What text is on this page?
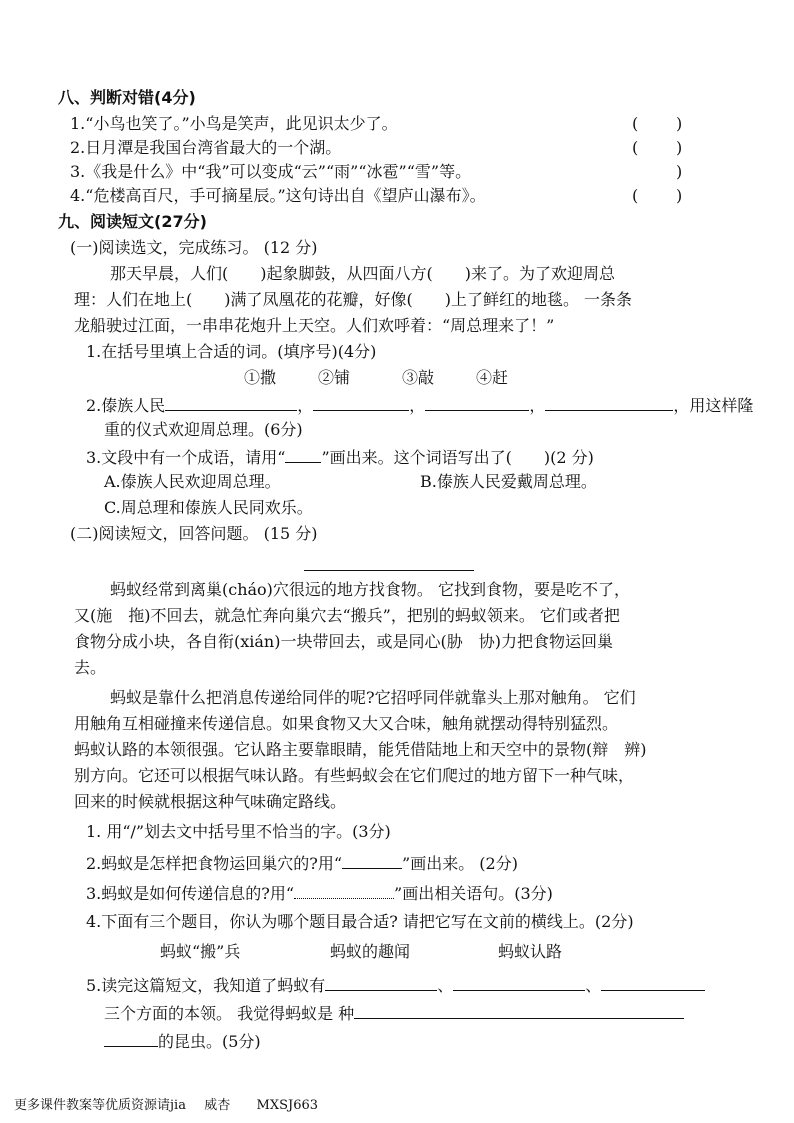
八、判断对错(4分)
1.“小鸟也笑了。”小鸟是笑声，此见识太少了。	( )
2.日月潭是我国台湾省最大的一个湖。	( )
3.《我是什么》中“我”可以变成“云”“雨”“冰雹”“雪”等。	)
4.“危楼高百尺，手可摘星辰。”这句诗出自《望庐山瀑布》。	( )
九、阅读短文(27分)
(一)阅读选文，完成练习。 (12 分)
那天早晨，人们(　　)起象脚鼓，从四面八方(　　)来了。为了欢迎周总
理：人们在地上(　　)满了凤凰花的花瓣，好像(　　)上了鲜红的地毯。 一条条
龙船驶过江面，一串串花炮升上天空。人们欢呼着：“周总理来了！”
1.在括号里填上合适的词。(填序号)(4分)
①撒	②铺	③敲	④赶
2.傣族人民	，	，	，	，用这样隆
重的仪式欢迎周总理。(6分)
3.文段中有一个成语，请用“ ”画出来。这个词语写出了(　　)(2 分)
A.傣族人民欢迎周总理。	B.傣族人民爱戴周总理。
C.周总理和傣族人民同欢乐。
(二)阅读短文，回答问题。 (15 分)
蚂蚁经常到离巢(cháo)穴很远的地方找食物。 它找到食物，要是吃不了，
又(施　拖)不回去，就急忙奔向巢穴去“搬兵”，把别的蚂蚁领来。 它们或者把
食物分成小块，各自衔(xián)一块带回去，或是同心(胁　协)力把食物运回巢
去。
蚂蚁是靠什么把消息传递给同伴的呢?它招呼同伴就靠头上那对触角。 它们
用触角互相碰撞来传递信息。如果食物又大又合味，触角就摆动得特别猛烈。
蚂蚁认路的本领很强。它认路主要靠眼睛，能凭借陆地上和天空中的景物(辩　辨)
别方向。它还可以根据气味认路。有些蚂蚁会在它们爬过的地方留下一种气味，
回来的时候就根据这种气味确定路线。
1. 用“/”划去文中括号里不恰当的字。(3分)
2.蚂蚁是怎样把食物运回巢穴的?用“	”画出来。 (2分)
3.蚂蚁是如何传递信息的?用“	”画出相关语句。(3分)
4.下面有三个题目，你认为哪个题目最合适? 请把它写在文前的横线上。(2分)
蚂蚁“搬”兵	蚂蚁的趣闻	蚂蚁认路
5.读完这篇短文，我知道了蚂蚁有	、	、
三个方面的本领。 我觉得蚂蚁是 种
的昆虫。(5分)
更多课件教案等优质资源请jia 威杏 MXSJ663
